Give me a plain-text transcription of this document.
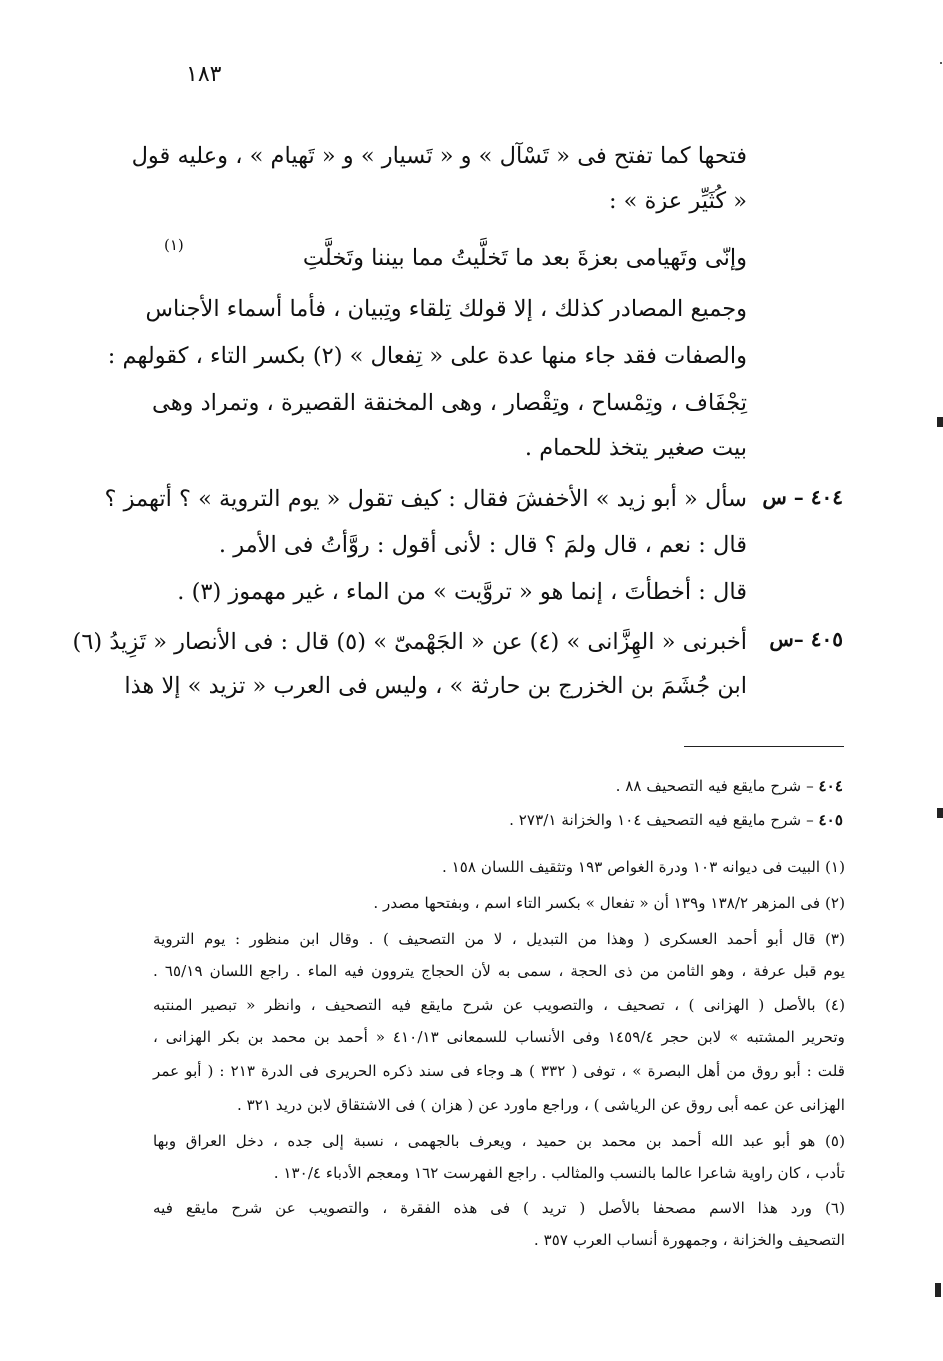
١٨٣
فتحها كما تفتح فى « تَسْآل » و « تَسيار » و « تَهيام » ، وعليه قول
« كُثَيِّر عزة » :
وإنّى وتَهيامى بعزةَ بعد ما تَخلَّيتُ مما بيننا وتَخلَّتِ
(١)
وجميع المصادر كذلك ، إلا قولك تِلقاء وتِبيان ، فأما أسماء الأجناس
والصفات فقد جاء منها عدة على « تِفعال » (٢) بكسر التاء ، كقولهم :
تِجْفَاف ، وتِمْساح ، وتِقْصار ، وهى المخنقة القصيرة ، وتمراد وهى
بيت صغير يتخذ للحمام .
٤٠٤ – س
سأل « أبو زيد » الأخفشَ فقال : كيف تقول « يوم التروية » ؟ أتهمز ؟
قال : نعم ، قال ولمَ ؟ قال : لأنى أقول : روَّأتُ فى الأمر .
قال : أخطأتَ ، إنما هو « تروَّيت » من الماء ، غير مهموز (٣) .
٤٠٥ –س
أخبرنى « الهِزَّانى » (٤) عن « الجَهْمىّ » (٥) قال : فى الأنصار « تَزِيدُ (٦)
ابن جُشَمَ بن الخزرج بن حارثة » ، وليس فى العرب « تزيد » إلا هذا
٤٠٤ – شرح مايقع فيه التصحيف ٨٨ .
٤٠٥ – شرح مايقع فيه التصحيف ١٠٤ والخزانة ٢٧٣/١ .
(١) البيت فى ديوانه ١٠٣ ودرة الغواص ١٩٣ وتثقيف اللسان ١٥٨ .
(٢) فى المزهر ١٣٨/٢ و١٣٩ أن « تفعال » بكسر التاء اسم ، وبفتحها مصدر .
(٣) قال أبو أحمد العسكرى ( وهذا من التبديل ، لا من التصحيف ) . وقال ابن منظور : يوم التروية
يوم قبل عرفة ، وهو الثامن من ذى الحجة ، سمى به لأن الحجاج يتروون فيه الماء . راجع اللسان ٦٥/١٩ .
(٤) بالأصل ( الهزانى ) ، تصحيف ، والتصويب عن شرح مايقع فيه التصحيف ، وانظر « تبصير المنتبه
وتحرير المشتبه » لابن حجر ١٤٥٩/٤ وفى الأنساب للسمعانى ٤١٠/١٣ « أحمد بن محمد بن بكر الهزانى ،
قلت : أبو روق من أهل البصرة » ، توفى ( ٣٣٢ ) هـ وجاء فى سند ذكره الحريرى فى الدرة ٢١٣ : ( أبو عمر
الهزانى عن عمه أبى روق عن الرياشى ) ، وراجع ماورد عن ( هزان ) فى الاشتقاق لابن دريد ٣٢١ .
(٥) هو أبو عبد الله أحمد بن محمد بن حميد ، ويعرف بالجهمى ، نسبة إلى جده ، دخل العراق وبها
تأدب ، كان راوية شاعرا عالما بالنسب والمثالب . راجع الفهرست ١٦٢ ومعجم الأدباء ١٣٠/٤ .
(٦) ورد هذا الاسم مصحفا بالأصل ( تريد ) فى هذه الفقرة ، والتصويب عن شرح مايقع فيه
التصحيف والخزانة ، وجمهورة أنساب العرب ٣٥٧ .
